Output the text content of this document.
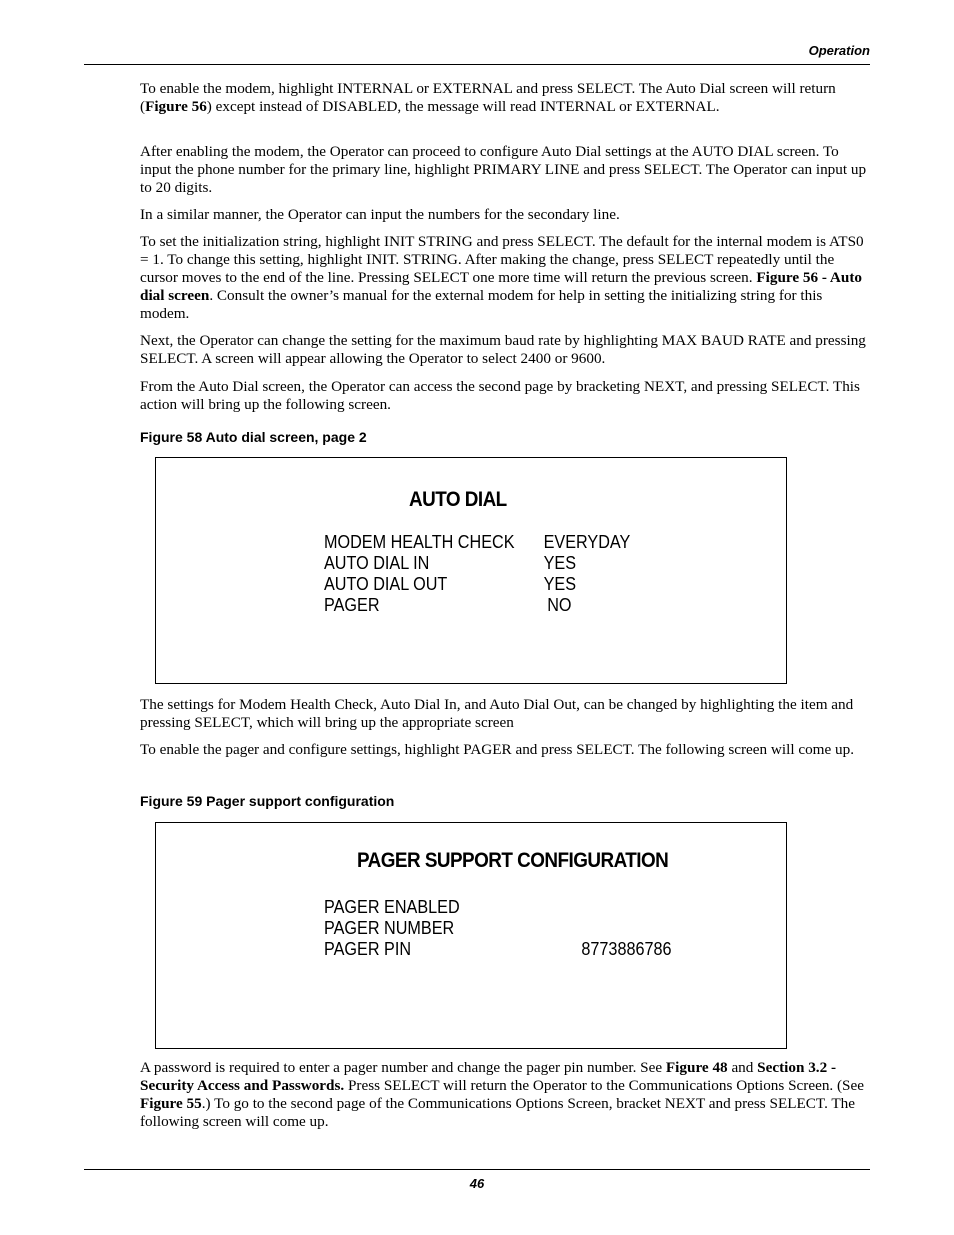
Operation

To enable the modem, highlight INTERNAL or EXTERNAL and press SELECT. The Auto Dial screen will return (Figure 56) except instead of DISABLED, the message will read INTERNAL or EXTERNAL.

After enabling the modem, the Operator can proceed to configure Auto Dial settings at the AUTO DIAL screen. To input the phone number for the primary line, highlight PRIMARY LINE and press SELECT. The Operator can input up to 20 digits.

In a similar manner, the Operator can input the numbers for the secondary line.

To set the initialization string, highlight INIT STRING and press SELECT. The default for the internal modem is ATS0 = 1. To change this setting, highlight INIT. STRING. After making the change, press SELECT repeatedly until the cursor moves to the end of the line. Pressing SELECT one more time will return the previous screen. Figure 56 - Auto dial screen. Consult the owner’s manual for the external modem for help in setting the initializing string for this modem.

Next, the Operator can change the setting for the maximum baud rate by highlighting MAX BAUD RATE and pressing SELECT. A screen will appear allowing the Operator to select 2400 or 9600.

From the Auto Dial screen, the Operator can access the second page by bracketing NEXT, and pressing SELECT. This action will bring up the following screen.

Figure 58 Auto dial screen, page 2

AUTO DIAL
MODEM HEALTH CHECK EVERYDAY
AUTO DIAL IN	YES
AUTO DIAL OUT	YES
PAGER	NO

The settings for Modem Health Check, Auto Dial In, and Auto Dial Out, can be changed by highlighting the item and pressing SELECT, which will bring up the appropriate screen

To enable the pager and configure settings, highlight PAGER and press SELECT. The following screen will come up.

Figure 59 Pager support configuration

PAGER SUPPORT CONFIGURATION
PAGER ENABLED
PAGER NUMBER
PAGER PIN	8773886786

A password is required to enter a pager number and change the pager pin number. See Figure 48 and Section 3.2 - Security Access and Passwords. Press SELECT will return the Operator to the Communications Options Screen. (See Figure 55.) To go to the second page of the Communications Options Screen, bracket NEXT and press SELECT. The following screen will come up.

46
